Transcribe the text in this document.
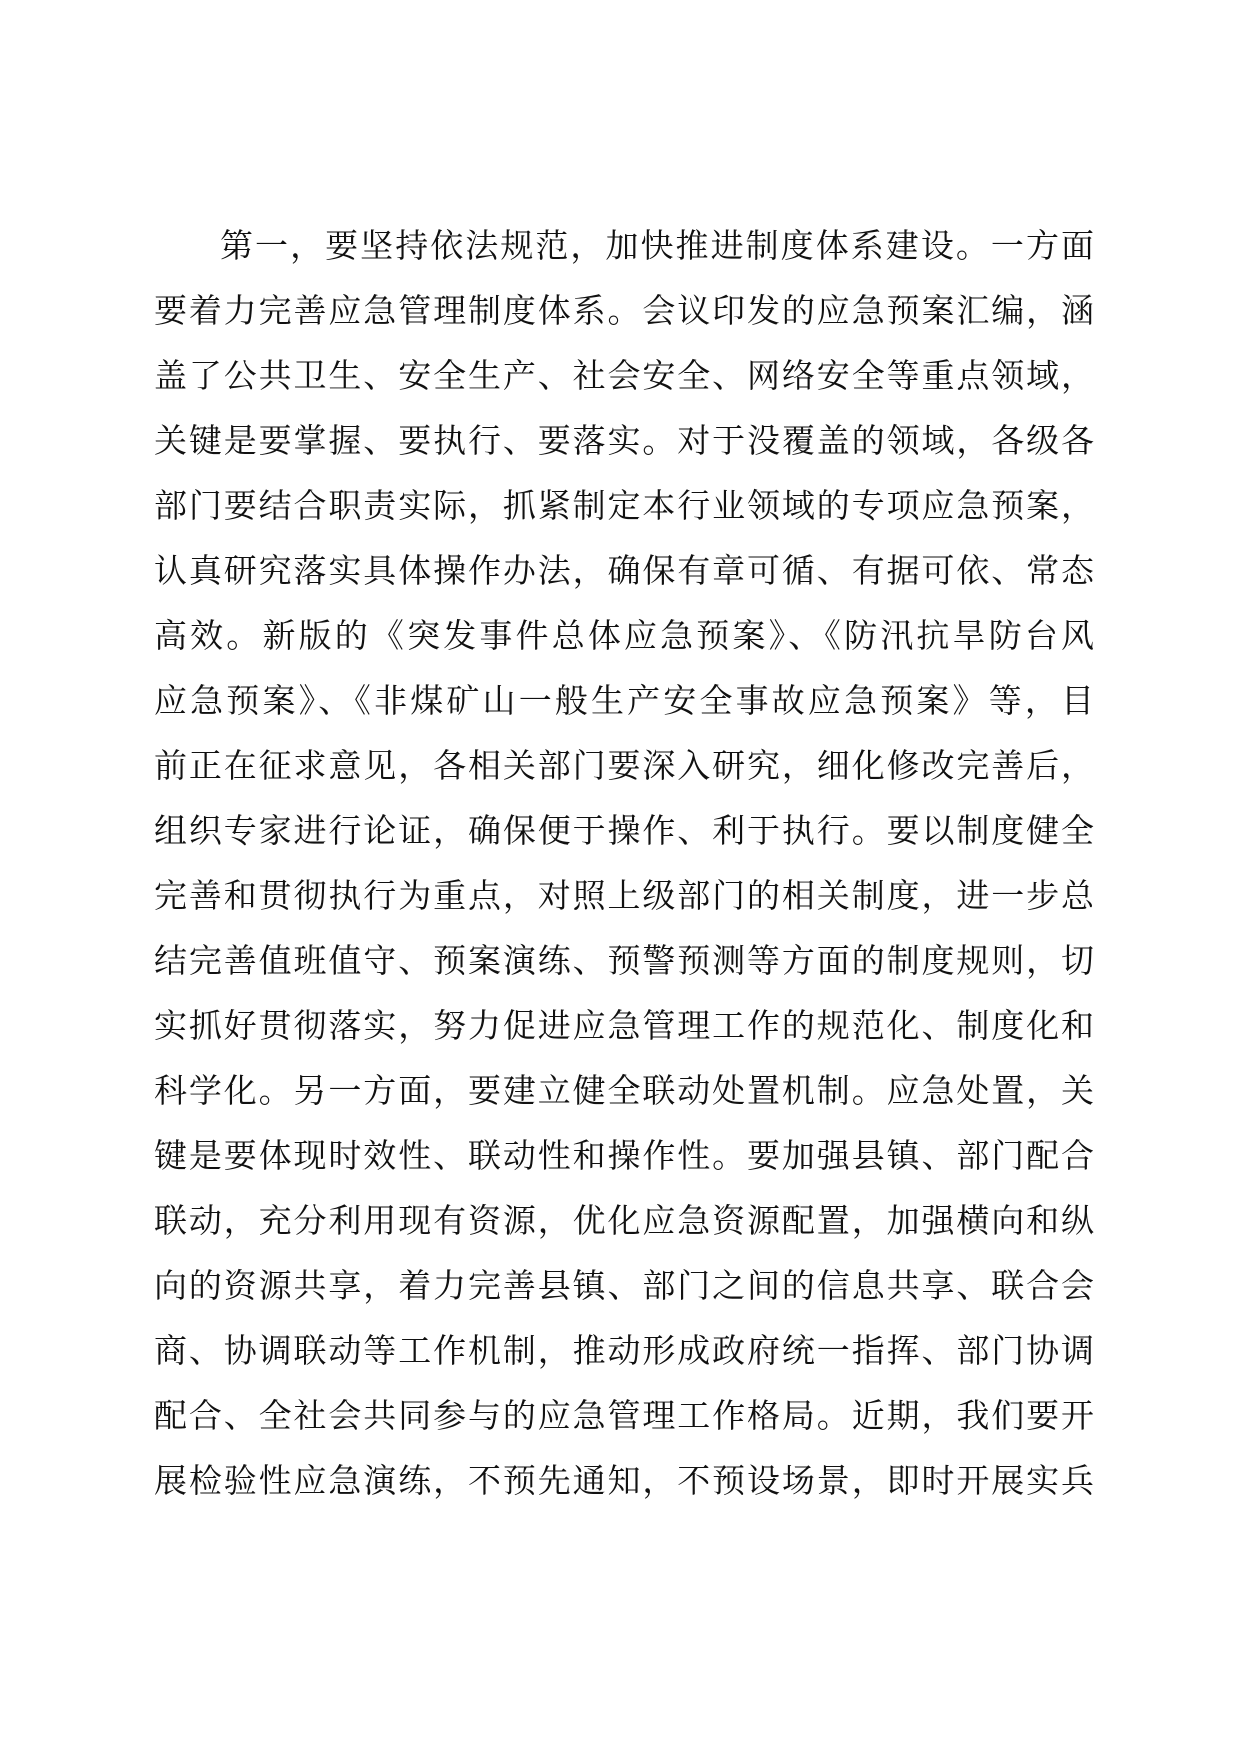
第一，要坚持依法规范，加快推进制度体系建设。一方面
要着力完善应急管理制度体系。会议印发的应急预案汇编，涵
盖了公共卫生、安全生产、社会安全、网络安全等重点领域，
关键是要掌握、要执行、要落实。对于没覆盖的领域，各级各
部门要结合职责实际，抓紧制定本行业领域的专项应急预案，
认真研究落实具体操作办法，确保有章可循、有据可依、常态
高效。新版的《突发事件总体应急预案》、《防汛抗旱防台风
应急预案》、《非煤矿山一般生产安全事故应急预案》等，目
前正在征求意见，各相关部门要深入研究，细化修改完善后，
组织专家进行论证，确保便于操作、利于执行。要以制度健全
完善和贯彻执行为重点，对照上级部门的相关制度，进一步总
结完善值班值守、预案演练、预警预测等方面的制度规则，切
实抓好贯彻落实，努力促进应急管理工作的规范化、制度化和
科学化。另一方面，要建立健全联动处置机制。应急处置，关
键是要体现时效性、联动性和操作性。要加强县镇、部门配合
联动，充分利用现有资源，优化应急资源配置，加强横向和纵
向的资源共享，着力完善县镇、部门之间的信息共享、联合会
商、协调联动等工作机制，推动形成政府统一指挥、部门协调
配合、全社会共同参与的应急管理工作格局。近期，我们要开
展检验性应急演练，不预先通知，不预设场景，即时开展实兵
